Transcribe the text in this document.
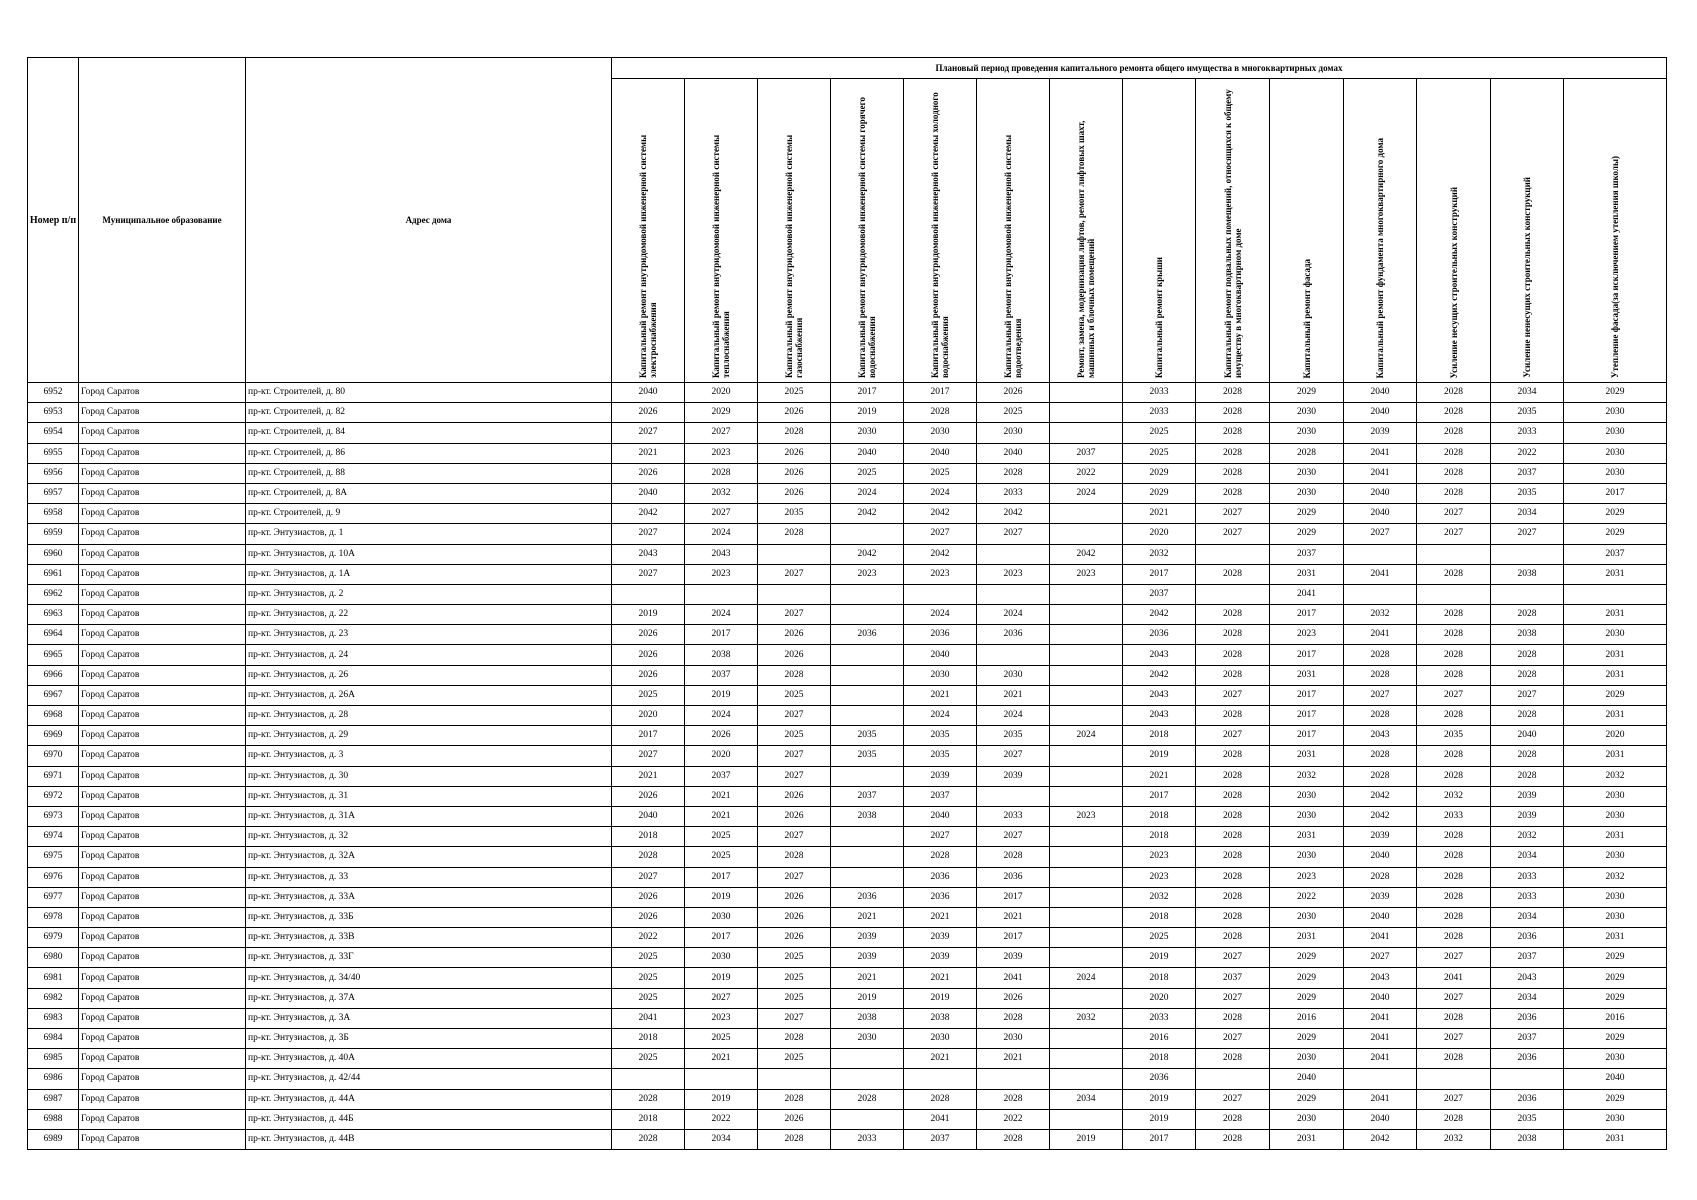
Номер п/п	Муниципальное образование	Адрес дома	Плановый период проведения капитального ремонта общего имущества в многоквартирных домах													

			Капитальный ремонт внутридомовой инженерной системы электроснабжения	Капитальный ремонт внутридомовой инженерной системы теплоснабжения	Капитальный ремонт внутридомовой инженерной системы газоснабжения	Капитальный ремонт внутридомовой инженерной системы горячего водоснабжения	Капитальный ремонт внутридомовой инженерной системы холодного водоснабжения	Капитальный ремонт внутридомовой инженерной системы водоотведения	Ремонт, замена, модернизация лифтов, ремонт лифтовых шахт, машинных и блочных помещений	Капитальный ремонт крыши	Капитальный ремонт подвальных помещений, относящихся к общему имуществу в многоквартирном доме	Капитальный ремонт фасада	Капитальный ремонт фундамента многоквартирного дома	Усиление несущих строительных конструкций	Усиление ненесущих строительных конструкций	Утепление фасада(за исключением утепления школы)

6952	Город Саратов	пр-кт. Строителей, д. 80	2040	2020	2025	2017	2017	2026		2033	2028	2029	2040	2028	2034	2029
6953	Город Саратов	пр-кт. Строителей, д. 82	2026	2029	2026	2019	2028	2025		2033	2028	2030	2040	2028	2035	2030
6954	Город Саратов	пр-кт. Строителей, д. 84	2027	2027	2028	2030	2030	2030		2025	2028	2030	2039	2028	2033	2030
6955	Город Саратов	пр-кт. Строителей, д. 86	2021	2023	2026	2040	2040	2040	2037	2025	2028	2028	2041	2028	2022	2030
6956	Город Саратов	пр-кт. Строителей, д. 88	2026	2028	2026	2025	2025	2028	2022	2029	2028	2030	2041	2028	2037	2030
6957	Город Саратов	пр-кт. Строителей, д. 8А	2040	2032	2026	2024	2024	2033	2024	2029	2028	2030	2040	2028	2035	2017
6958	Город Саратов	пр-кт. Строителей, д. 9	2042	2027	2035	2042	2042	2042		2021	2027	2029	2040	2027	2034	2029
6959	Город Саратов	пр-кт. Энтузиастов, д. 1	2027	2024	2028		2027	2027		2020	2027	2029	2027	2027	2027	2029
6960	Город Саратов	пр-кт. Энтузиастов, д. 10А	2043	2043		2042	2042		2042	2032		2037				2037
6961	Город Саратов	пр-кт. Энтузиастов, д. 1А	2027	2023	2027	2023	2023	2023	2023	2017	2028	2031	2041	2028	2038	2031
6962	Город Саратов	пр-кт. Энтузиастов, д. 2								2037		2041				
6963	Город Саратов	пр-кт. Энтузиастов, д. 22	2019	2024	2027		2024	2024		2042	2028	2017	2032	2028	2028	2031
6964	Город Саратов	пр-кт. Энтузиастов, д. 23	2026	2017	2026	2036	2036	2036		2036	2028	2023	2041	2028	2038	2030
6965	Город Саратов	пр-кт. Энтузиастов, д. 24	2026	2038	2026		2040			2043	2028	2017	2028	2028	2028	2031
6966	Город Саратов	пр-кт. Энтузиастов, д. 26	2026	2037	2028		2030	2030		2042	2028	2031	2028	2028	2028	2031
6967	Город Саратов	пр-кт. Энтузиастов, д. 26А	2025	2019	2025		2021	2021		2043	2027	2017	2027	2027	2027	2029
6968	Город Саратов	пр-кт. Энтузиастов, д. 28	2020	2024	2027		2024	2024		2043	2028	2017	2028	2028	2028	2031
6969	Город Саратов	пр-кт. Энтузиастов, д. 29	2017	2026	2025	2035	2035	2035	2024	2018	2027	2017	2043	2035	2040	2020
6970	Город Саратов	пр-кт. Энтузиастов, д. 3	2027	2020	2027	2035	2035	2027		2019	2028	2031	2028	2028	2028	2031
6971	Город Саратов	пр-кт. Энтузиастов, д. 30	2021	2037	2027		2039	2039		2021	2028	2032	2028	2028	2028	2032
6972	Город Саратов	пр-кт. Энтузиастов, д. 31	2026	2021	2026	2037	2037			2017	2028	2030	2042	2032	2039	2030
6973	Город Саратов	пр-кт. Энтузиастов, д. 31А	2040	2021	2026	2038	2040	2033	2023	2018	2028	2030	2042	2033	2039	2030
6974	Город Саратов	пр-кт. Энтузиастов, д. 32	2018	2025	2027		2027	2027		2018	2028	2031	2039	2028	2032	2031
6975	Город Саратов	пр-кт. Энтузиастов, д. 32А	2028	2025	2028		2028	2028		2023	2028	2030	2040	2028	2034	2030
6976	Город Саратов	пр-кт. Энтузиастов, д. 33	2027	2017	2027		2036	2036		2023	2028	2023	2028	2028	2033	2032
6977	Город Саратов	пр-кт. Энтузиастов, д. 33А	2026	2019	2026	2036	2036	2017		2032	2028	2022	2039	2028	2033	2030
6978	Город Саратов	пр-кт. Энтузиастов, д. 33Б	2026	2030	2026	2021	2021	2021		2018	2028	2030	2040	2028	2034	2030
6979	Город Саратов	пр-кт. Энтузиастов, д. 33В	2022	2017	2026	2039	2039	2017		2025	2028	2031	2041	2028	2036	2031
6980	Город Саратов	пр-кт. Энтузиастов, д. 33Г	2025	2030	2025	2039	2039	2039		2019	2027	2029	2027	2027	2037	2029
6981	Город Саратов	пр-кт. Энтузиастов, д. 34/40	2025	2019	2025	2021	2021	2041	2024	2018	2037	2029	2043	2041	2043	2029
6982	Город Саратов	пр-кт. Энтузиастов, д. 37А	2025	2027	2025	2019	2019	2026		2020	2027	2029	2040	2027	2034	2029
6983	Город Саратов	пр-кт. Энтузиастов, д. 3А	2041	2023	2027	2038	2038	2028	2032	2033	2028	2016	2041	2028	2036	2016
6984	Город Саратов	пр-кт. Энтузиастов, д. 3Б	2018	2025	2028	2030	2030	2030		2016	2027	2029	2041	2027	2037	2029
6985	Город Саратов	пр-кт. Энтузиастов, д. 40А	2025	2021	2025		2021	2021		2018	2028	2030	2041	2028	2036	2030
6986	Город Саратов	пр-кт. Энтузиастов, д. 42/44								2036		2040				2040
6987	Город Саратов	пр-кт. Энтузиастов, д. 44А	2028	2019	2028	2028	2028	2028	2034	2019	2027	2029	2041	2027	2036	2029
6988	Город Саратов	пр-кт. Энтузиастов, д. 44Б	2018	2022	2026		2041	2022		2019	2028	2030	2040	2028	2035	2030
6989	Город Саратов	пр-кт. Энтузиастов, д. 44В	2028	2034	2028	2033	2037	2028	2019	2017	2028	2031	2042	2032	2038	2031
